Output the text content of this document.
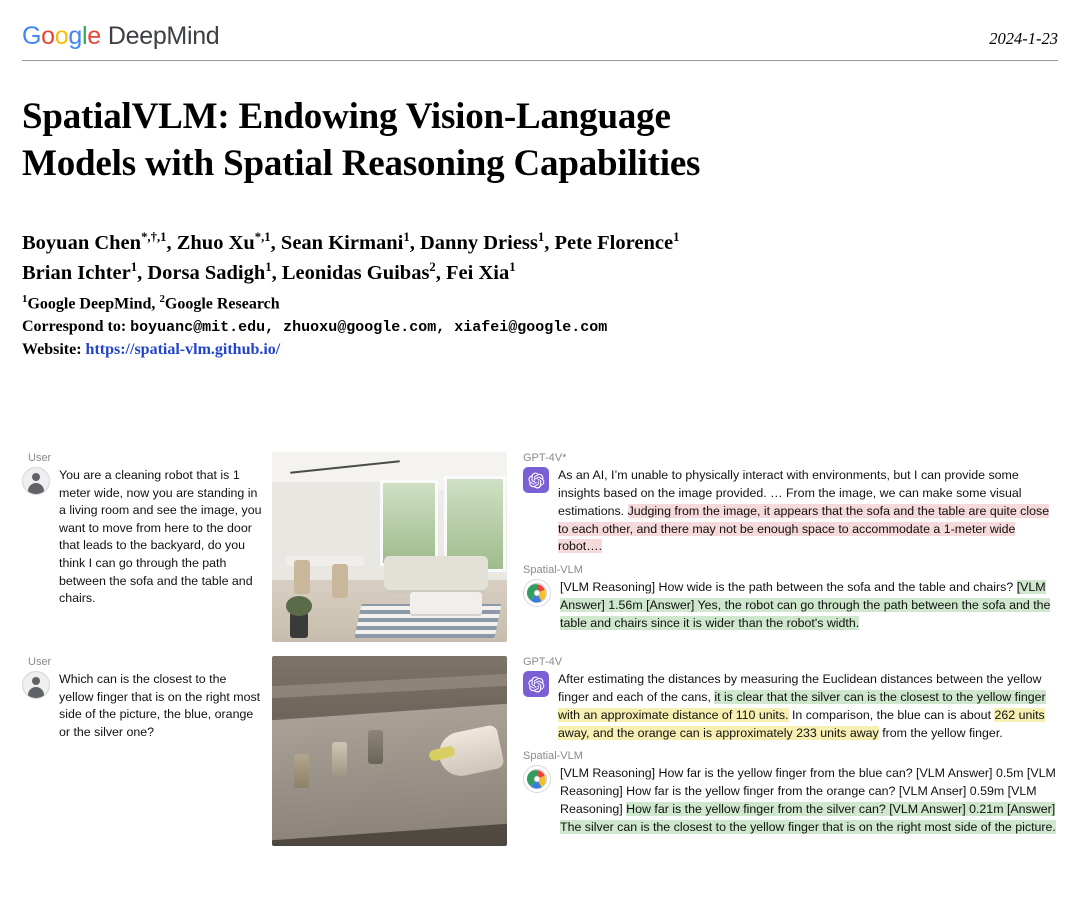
Google DeepMind	2024-1-23
SpatialVLM: Endowing Vision-Language
Models with Spatial Reasoning Capabilities
Boyuan Chen$^{*,\dagger,1}$, Zhuo $Xu^{*,1}$, Sean Kirmani$^1$, Danny Driess$^1$, Pete Florence$^1$
Brian Ichter$^1$, Dorsa Sadigh$^1$, Leonidas Guibas$^2$, Fei Xia$^1$
$^1$Google DeepMind, $^2$Google Research
Correspond to: boyuanc@mit.edu, zhuoxu@google.com, xiafei@google.com
Website: https://spatial-vlm.github.io/
User
You are a cleaning robot that is 1 meter wide, now you are standing in a living room and see the image, you want to move from here to the door that leads to the backyard, do you think I can go through the path between the sofa and the table and chairs.
GPT-4V*
As an AI, I’m unable to physically interact with environments, but I can provide some insights based on the image provided. … From the image, we can make some visual estimations. Judging from the image, it appears that the sofa and the table are quite close to each other, and there may not be enough space to accommodate a 1-meter wide robot….
Spatial-VLM
[VLM Reasoning] How wide is the path between the sofa and the table and chairs? [VLM Answer] 1.56m [Answer] Yes, the robot can go through the path between the sofa and the table and chairs since it is wider than the robot's width.
User
Which can is the closest to the yellow finger that is on the right most side of the picture, the blue, orange or the silver one?
GPT-4V
After estimating the distances by measuring the Euclidean distances between the yellow finger and each of the cans, it is clear that the silver can is the closest to the yellow finger with an approximate distance of 110 units. In comparison, the blue can is about 262 units away, and the orange can is approximately 233 units away from the yellow finger.
Spatial-VLM
[VLM Reasoning] How far is the yellow finger from the blue can? [VLM Answer] 0.5m [VLM Reasoning] How far is the yellow finger from the orange can? [VLM Anser] 0.59m [VLM Reasoning] How far is the yellow finger from the silver can? [VLM Answer] 0.21m [Answer] The silver can is the closest to the yellow finger that is on the right most side of the picture.
